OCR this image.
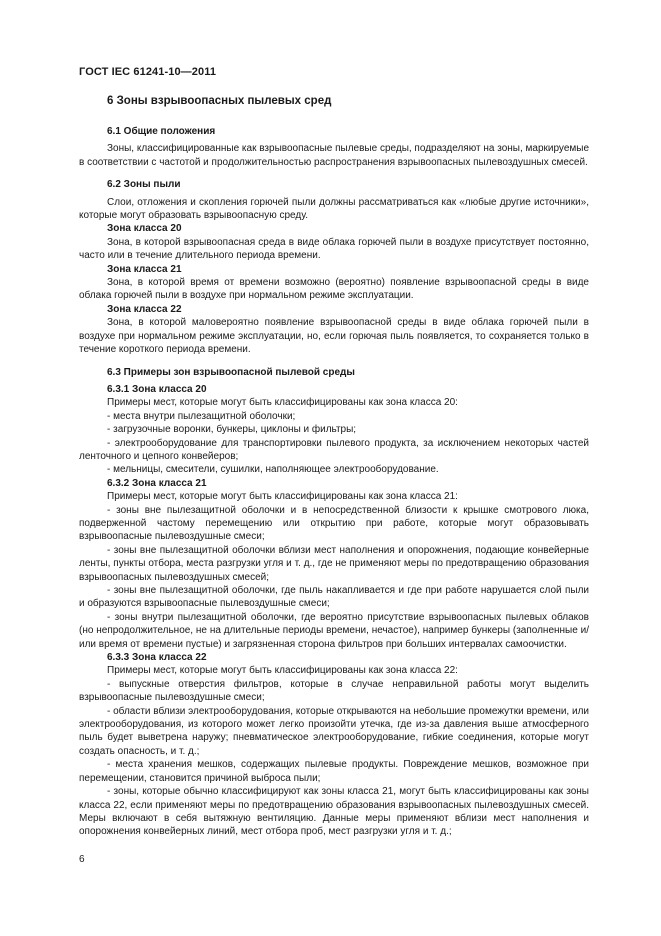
ГОСТ IEC 61241-10—2011
6 Зоны взрывоопасных пылевых сред
6.1 Общие положения

Зоны, классифицированные как взрывоопасные пылевые среды, подразделяют на зоны, маркируемые в соответствии с частотой и продолжительностью распространения взрывоопасных пылевоздушных смесей.

6.2 Зоны пыли

Слои, отложения и скопления горючей пыли должны рассматриваться как «любые другие источники», которые могут образовать взрывоопасную среду.

Зона класса 20

Зона, в которой взрывоопасная среда в виде облака горючей пыли в воздухе присутствует постоянно, часто или в течение длительного периода времени.

Зона класса 21

Зона, в которой время от времени возможно (вероятно) появление взрывоопасной среды в виде облака горючей пыли в воздухе при нормальном режиме эксплуатации.

Зона класса 22

Зона, в которой маловероятно появление взрывоопасной среды в виде облака горючей пыли в воздухе при нормальном режиме эксплуатации, но, если горючая пыль появляется, то сохраняется только в течение короткого периода времени.

6.3 Примеры зон взрывоопасной пылевой среды
6.3.1 Зона класса 20

Примеры мест, которые могут быть классифицированы как зона класса 20:

- места внутри пылезащитной оболочки;

- загрузочные воронки, бункеры, циклоны и фильтры;

- электрооборудование для транспортировки пылевого продукта, за исключением некоторых частей ленточного и цепного конвейеров;

- мельницы, смесители, сушилки, наполняющее электрооборудование.

6.3.2 Зона класса 21

Примеры мест, которые могут быть классифицированы как зона класса 21:

- зоны вне пылезащитной оболочки и в непосредственной близости к крышке смотрового люка, подверженной частому перемещению или открытию при работе, которые могут образовывать взрывоопасные пылевоздушные смеси;

- зоны вне пылезащитной оболочки вблизи мест наполнения и опорожнения, подающие конвейерные ленты, пункты отбора, места разгрузки угля и т. д., где не применяют меры по предотвращению образования взрывоопасных пылевоздушных смесей;

- зоны вне пылезащитной оболочки, где пыль накапливается и где при работе нарушается слой пыли и образуются взрывоопасные пылевоздушные смеси;

- зоны внутри пылезащитной оболочки, где вероятно присутствие взрывоопасных пылевых облаков (но непродолжительное, не на длительные периоды времени, нечастое), например бункеры (заполненные и/или время от времени пустые) и загрязненная сторона фильтров при больших интервалах самоочистки.

6.3.3 Зона класса 22

Примеры мест, которые могут быть классифицированы как зона класса 22:

- выпускные отверстия фильтров, которые в случае неправильной работы могут выделить взрывоопасные пылевоздушные смеси;

- области вблизи электрооборудования, которые открываются на небольшие промежутки времени, или электрооборудования, из которого может легко произойти утечка, где из-за давления выше атмосферного пыль будет выветрена наружу; пневматическое электрооборудование, гибкие соединения, которые могут создать опасность, и т. д.;

- места хранения мешков, содержащих пылевые продукты. Повреждение мешков, возможное при перемещении, становится причиной выброса пыли;

- зоны, которые обычно классифицируют как зоны класса 21, могут быть классифицированы как зоны класса 22, если применяют меры по предотвращению образования взрывоопасных пылевоздушных смесей. Меры включают в себя вытяжную вентиляцию. Данные меры применяют вблизи мест наполнения и опорожнения конвейерных линий, мест отбора проб, мест разгрузки угля и т. д.;

6
